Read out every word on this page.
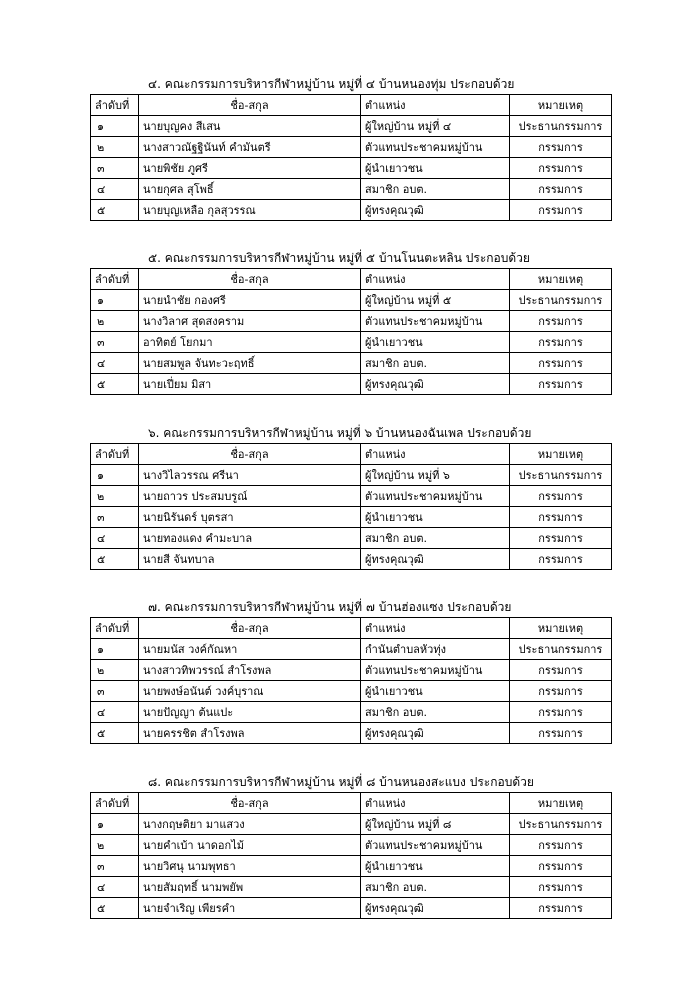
๔. คณะกรรมการบริหารกีฬาหมู่บ้าน หมู่ที่ ๔ บ้านหนองทุ่ม ประกอบด้วย
ลำดับที่	ชื่อ-สกุล	ตำแหน่ง	หมายเหตุ
๑	นายบุญคง สีเสน	ผู้ใหญ่บ้าน หมู่ที่ ๔	ประธานกรรมการ
๒	นางสาวณัฐฐินันท์ คำมันตรี	ตัวแทนประชาคมหมู่บ้าน	กรรมการ
๓	นายพิชัย ภูศรี	ผู้นำเยาวชน	กรรมการ
๔	นายกุศล สุโพธิ์	สมาชิก อบต.	กรรมการ
๕	นายบุญเหลือ กุลสุวรรณ	ผู้ทรงคุณวุฒิ	กรรมการ
๕. คณะกรรมการบริหารกีฬาหมู่บ้าน หมู่ที่ ๕ บ้านโนนตะหลิน ประกอบด้วย
ลำดับที่	ชื่อ-สกุล	ตำแหน่ง	หมายเหตุ
๑	นายนำชัย กองศรี	ผู้ใหญ่บ้าน หมู่ที่ ๕	ประธานกรรมการ
๒	นางวิลาศ สุดสงคราม	ตัวแทนประชาคมหมู่บ้าน	กรรมการ
๓	อาทิตย์ โยกมา	ผู้นำเยาวชน	กรรมการ
๔	นายสมพูล จันทะวะฤทธิ์	สมาชิก อบต.	กรรมการ
๕	นายเปี่ยม มิสา	ผู้ทรงคุณวุฒิ	กรรมการ
๖. คณะกรรมการบริหารกีฬาหมู่บ้าน หมู่ที่ ๖ บ้านหนองฉันเพล ประกอบด้วย
ลำดับที่	ชื่อ-สกุล	ตำแหน่ง	หมายเหตุ
๑	นางวิไลวรรณ ศรีนา	ผู้ใหญ่บ้าน หมู่ที่ ๖	ประธานกรรมการ
๒	นายถาวร ประสมบรูณ์	ตัวแทนประชาคมหมู่บ้าน	กรรมการ
๓	นายนิรันดร์ บุตรสา	ผู้นำเยาวชน	กรรมการ
๔	นายทองแดง คำมะบาล	สมาชิก อบต.	กรรมการ
๕	นายสี จันทบาล	ผู้ทรงคุณวุฒิ	กรรมการ
๗. คณะกรรมการบริหารกีฬาหมู่บ้าน หมู่ที่ ๗ บ้านฮ่องแซง ประกอบด้วย
ลำดับที่	ชื่อ-สกุล	ตำแหน่ง	หมายเหตุ
๑	นายมนัส วงค์กัณหา	กำนันตำบลหัวทุ่ง	ประธานกรรมการ
๒	นางสาวทิพวรรณ์ สำโรงพล	ตัวแทนประชาคมหมู่บ้าน	กรรมการ
๓	นายพงษ์อนันต์ วงค์บุราณ	ผู้นำเยาวชน	กรรมการ
๔	นายปัญญา ต้นแปะ	สมาชิก อบต.	กรรมการ
๕	นายครรชิต สำโรงพล	ผู้ทรงคุณวุฒิ	กรรมการ
๘. คณะกรรมการบริหารกีฬาหมู่บ้าน หมู่ที่ ๘ บ้านหนองสะแบง ประกอบด้วย
ลำดับที่	ชื่อ-สกุล	ตำแหน่ง	หมายเหตุ
๑	นางกฤษติยา มาแสวง	ผู้ใหญ่บ้าน หมู่ที่ ๘	ประธานกรรมการ
๒	นายคำเบ้า นาดอกไม้	ตัวแทนประชาคมหมู่บ้าน	กรรมการ
๓	นายวิศนุ นามพุทธา	ผู้นำเยาวชน	กรรมการ
๔	นายสัมฤทธิ์ นามพยัพ	สมาชิก อบต.	กรรมการ
๕	นายจำเริญ เพียรคำ	ผู้ทรงคุณวุฒิ	กรรมการ
